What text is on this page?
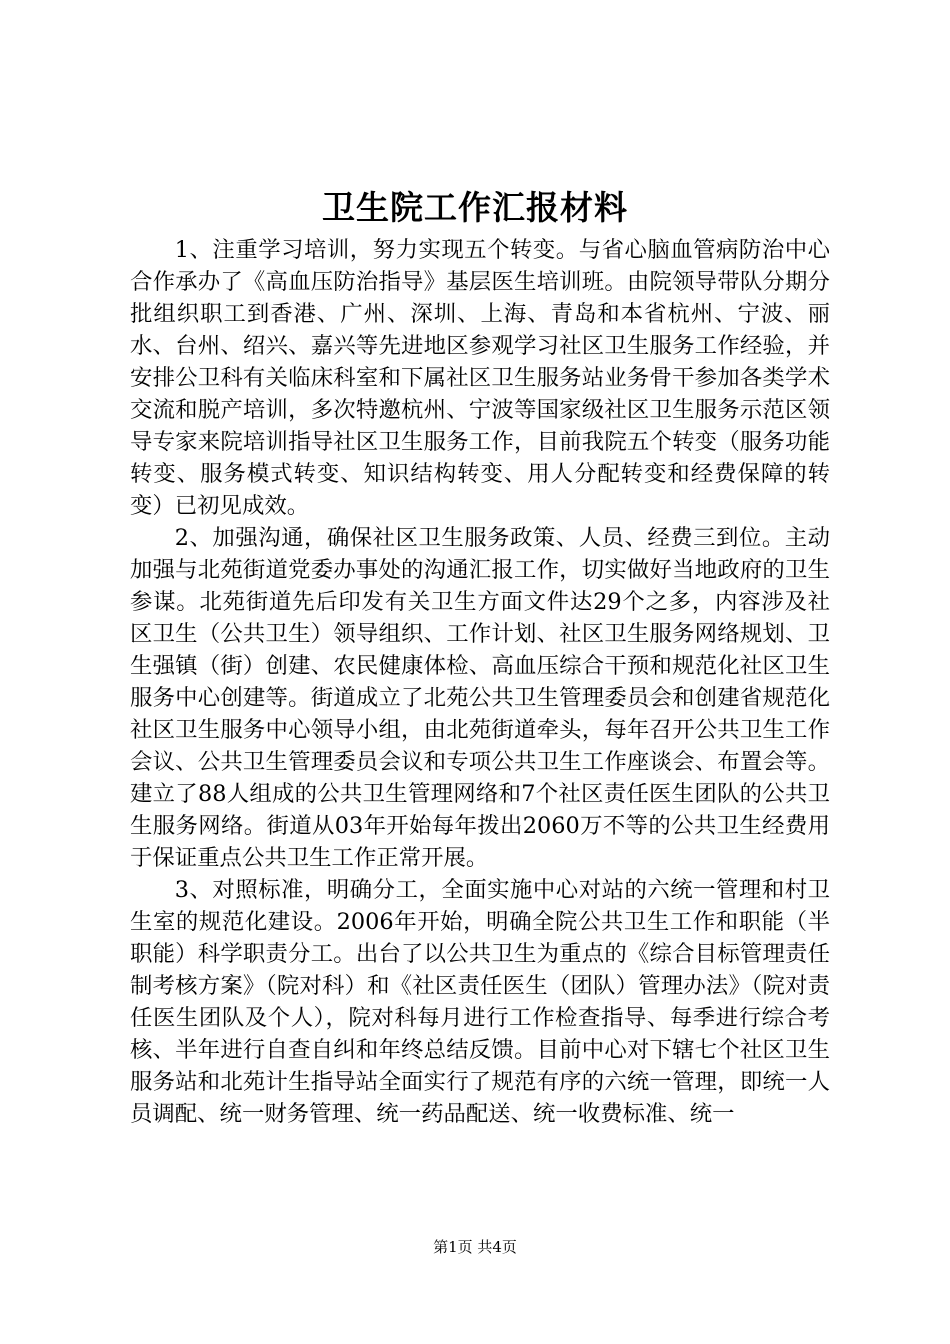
卫生院工作汇报材料

1、注重学习培训，努力实现五个转变。与省心脑血管病防治中心合作承办了《高血压防治指导》基层医生培训班。由院领导带队分期分批组织职工到香港、广州、深圳、上海、青岛和本省杭州、宁波、丽水、台州、绍兴、嘉兴等先进地区参观学习社区卫生服务工作经验，并安排公卫科有关临床科室和下属社区卫生服务站业务骨干参加各类学术交流和脱产培训，多次特邀杭州、宁波等国家级社区卫生服务示范区领导专家来院培训指导社区卫生服务工作，目前我院五个转变（服务功能转变、服务模式转变、知识结构转变、用人分配转变和经费保障的转变）已初见成效。

2、加强沟通，确保社区卫生服务政策、人员、经费三到位。主动加强与北苑街道党委办事处的沟通汇报工作，切实做好当地政府的卫生参谋。北苑街道先后印发有关卫生方面文件达29个之多，内容涉及社区卫生（公共卫生）领导组织、工作计划、社区卫生服务网络规划、卫生强镇（街）创建、农民健康体检、高血压综合干预和规范化社区卫生服务中心创建等。街道成立了北苑公共卫生管理委员会和创建省规范化社区卫生服务中心领导小组，由北苑街道牵头，每年召开公共卫生工作会议、公共卫生管理委员会议和专项公共卫生工作座谈会、布置会等。建立了88人组成的公共卫生管理网络和7个社区责任医生团队的公共卫生服务网络。街道从03年开始每年拨出2060万不等的公共卫生经费用于保证重点公共卫生工作正常开展。

3、对照标准，明确分工，全面实施中心对站的六统一管理和村卫生室的规范化建设。2006年开始，明确全院公共卫生工作和职能（半职能）科学职责分工。出台了以公共卫生为重点的《综合目标管理责任制考核方案》（院对科）和《社区责任医生（团队）管理办法》（院对责任医生团队及个人），院对科每月进行工作检查指导、每季进行综合考核、半年进行自查自纠和年终总结反馈。目前中心对下辖七个社区卫生服务站和北苑计生指导站全面实行了规范有序的六统一管理，即统一人员调配、统一财务管理、统一药品配送、统一收费标准、统一

第1页 共4页
